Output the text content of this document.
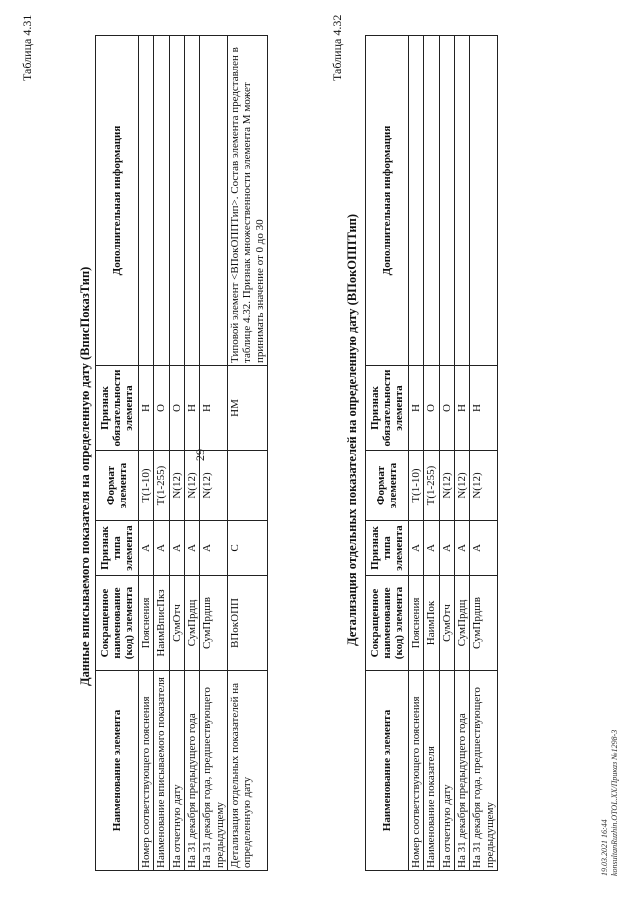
29
Таблица 4.31
Данные вписываемого показателя на определенную дату (ВписПоказТип)
Наименование элемента	Сокращенное наименование (код) элемента	Признак типа элемента	Формат элемента	Признак обязательности элемента	Дополнительная информация
Номер соответствующего пояснения	Пояснения	А	T(1-10)	Н	
Наименование вписываемого показателя	НаимВписПкз	А	T(1-255)	О	
На отчетную дату	СумОтч	А	N(12)	О	
На 31 декабря предыдущего года	СумПрдщ	А	N(12)	Н	
На 31 декабря года, предшествующего предыдущему	СумПрдшв	А	N(12)	Н	
Детализация отдельных показателей на определенную дату	ВПокОПП	С		НМ	Типовой элемент <ВПокОППТип>. Состав элемента представлен в таблице 4.32. Признак множественности элемента М может принимать значение от 0 до 30
Таблица 4.32
Детализация отдельных показателей на определенную дату (ВПокОППТип)
Наименование элемента	Сокращенное наименование (код) элемента	Признак типа элемента	Формат элемента	Признак обязательности элемента	Дополнительная информация
Номер соответствующего пояснения	Пояснения	А	T(1-10)	Н	
Наименование показателя	НаимПок	А	T(1-255)	О	
На отчетную дату	СумОтч	А	N(12)	О	
На 31 декабря предыдущего года	СумПрдщ	А	N(12)	Н	
На 31 декабря года, предшествующего предыдущему	СумПрдшв	А	N(12)	Н	
19.03.2021 16:44 konsultanRuzhin.OTOL.XX/Приказ №1298-3
